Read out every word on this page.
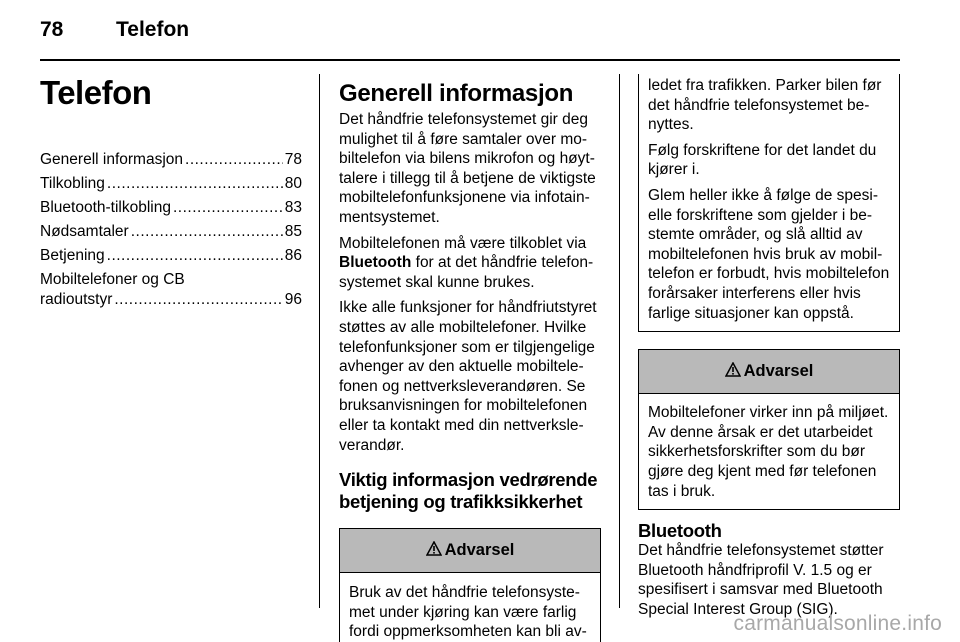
78	Telefon
Telefon
Generell informasjon .....	78
Tilkobling .....	80
Bluetooth-tilkobling .....	83
Nødsamtaler .....	85
Betjening .....	86
Mobiltelefoner og CB
radioutstyr .....	96
Generell informasjon

Det håndfrie telefonsystemet gir deg mulighet til å føre samtaler over mobiltelefon via bilens mikrofon og høyttalere i tillegg til å betjene de viktigste mobiltelefonfunksjonene via infotainmentsystemet.

Mobiltelefonen må være tilkoblet via Bluetooth for at det håndfrie telefonsystemet skal kunne brukes.

Ikke alle funksjoner for håndfriutstyret støttes av alle mobiltelefoner. Hvilke telefonfunksjoner som er tilgjengelige avhenger av den aktuelle mobiltelefonen og nettverksleverandøren. Se bruksanvisningen for mobiltelefonen eller ta kontakt med din nettverksleverandør.

Viktig informasjon vedrørende betjening og trafikksikkerhet
Advarsel

Bruk av det håndfrie telefonsystemet under kjøring kan være farlig fordi oppmerksomheten kan bli av-

ledet fra trafikken. Parker bilen før det håndfrie telefonsystemet benyttes.

Følg forskriftene for det landet du kjører i.

Glem heller ikke å følge de spesielle forskriftene som gjelder i bestemte områder, og slå alltid av mobiltelefonen hvis bruk av mobiltelefon er forbudt, hvis mobiltelefon forårsaker interferens eller hvis farlige situasjoner kan oppstå.

Advarsel

Mobiltelefoner virker inn på miljøet. Av denne årsak er det utarbeidet sikkerhetsforskrifter som du bør gjøre deg kjent med før telefonen tas i bruk.

Bluetooth

Det håndfrie telefonsystemet støtter Bluetooth håndfriprofil V. 1.5 og er spesifisert i samsvar med Bluetooth Special Interest Group (SIG).

carmanualsonline.info
